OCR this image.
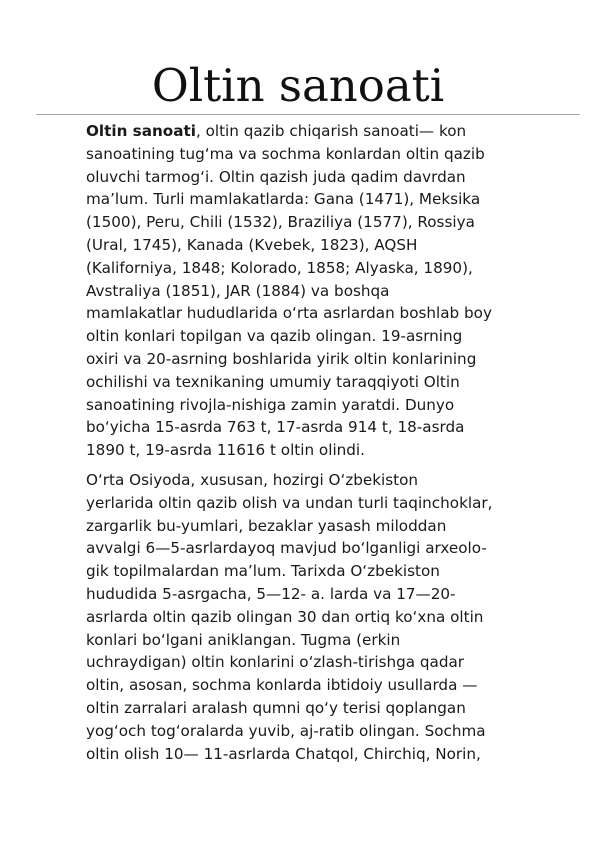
Oltin sanoati

Oltin sanoati, oltin qazib chiqarish sanoati— kon
sanoatining tug‘ma va sochma konlardan oltin qazib
oluvchi tarmog‘i. Oltin qazish juda qadim davrdan
ma’lum. Turli mamlakatlarda: Gana (1471), Meksika
(1500), Peru, Chili (1532), Braziliya (1577), Rossiya
(Ural, 1745), Kanada (Kvebek, 1823), AQSH
(Kaliforniya, 1848; Kolorado, 1858; Alyaska, 1890),
Avstraliya (1851), JAR (1884) va boshqa
mamlakatlar hududlarida o‘rta asrlardan boshlab boy
oltin konlari topilgan va qazib olingan. 19-asrning
oxiri va 20-asrning boshlarida yirik oltin konlarining
ochilishi va texnikaning umumiy taraqqiyoti Oltin
sanoatining rivojla-nishiga zamin yaratdi. Dunyo
bo‘yicha 15-asrda 763 t, 17-asrda 914 t, 18-asrda
1890 t, 19-asrda 11616 t oltin olindi.

O‘rta Osiyoda, xususan, hozirgi O‘zbekiston
yerlarida oltin qazib olish va undan turli taqinchoklar,
zargarlik bu-yumlari, bezaklar yasash miloddan
avvalgi 6—5-asrlardayoq mavjud bo‘lganligi arxeolo-
gik topilmalardan ma’lum. Tarixda O‘zbekiston
hududida 5-asrgacha, 5—12- a. larda va 17—20-
asrlarda oltin qazib olingan 30 dan ortiq ko‘xna oltin
konlari bo‘lgani aniklangan. Tugma (erkin
uchraydigan) oltin konlarini o‘zlash-tirishga qadar
oltin, asosan, sochma konlarda ibtidoiy usullarda —
oltin zarralari aralash qumni qo‘y terisi qoplangan
yog‘och tog‘oralarda yuvib, aj-ratib olingan. Sochma
oltin olish 10— 11-asrlarda Chatqol, Chirchiq, Norin,
